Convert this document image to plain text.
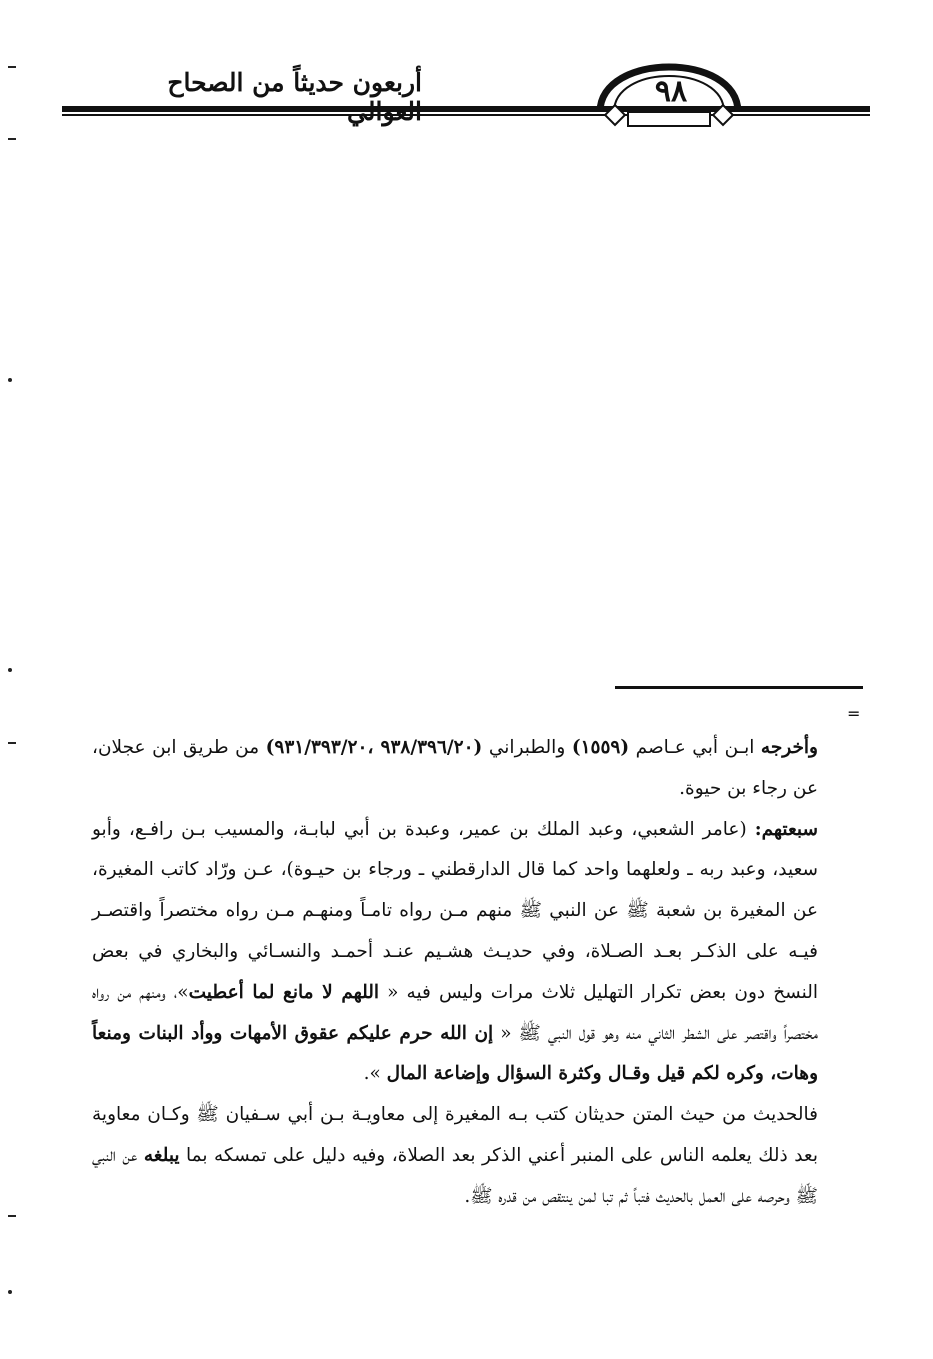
أربعون حديثاً من الصحاح العوالي
٩٨
=

وأخرجه ابـن أبي عـاصم (١٥٥٩) والطبراني (٩٣٨/٣٩٦/٢٠ ،٩٣١/٣٩٣/٢٠) من طريق ابن عجلان، عن رجاء بن حيوة.

سبعتهم: (عامر الشعبي، وعبد الملك بن عمير، وعبدة بن أبي لبابـة، والمسيب بـن رافـع، وأبو سعيد، وعبد ربه ـ ولعلهما واحد كما قال الدارقطني ـ ورجاء بن حيـوة)، عـن ورّاد كاتب المغيرة، عن المغيرة بن شعبة ﷺ عن النبي ﷺ منهم مـن رواه تامـاً ومنهـم مـن رواه مختصراً واقتصـر فيـه على الذكـر بعـد الصـلاة، وفي حديـث هشـيم عنـد أحمـد والنسـائي والبخاري في بعض النسخ دون بعض تكرار التهليل ثلاث مرات وليس فيه « اللهم لا مانع لما أعطيت»، ومنهم من رواه مختصراً واقتصر على الشطر الثاني منه وهو قول النبي ﷺ « إن الله حرم عليكم عقوق الأمهات ووأد البنات ومنعاً وهات، وكره لكم قيل وقـال وكثرة السؤال وإضاعة المال ».

فالحديث من حيث المتن حديثان كتب بـه المغيرة إلى معاويـة بـن أبي سـفيان ﷺ وكـان معاوية بعد ذلك يعلمه الناس على المنبر أعني الذكر بعد الصلاة، وفيه دليل على تمسكه بما يبلغه عن النبي ﷺ وحرصه على العمل بالحديث فتباً ثم تبا لمن ينتقص من قدره ﷺ.
